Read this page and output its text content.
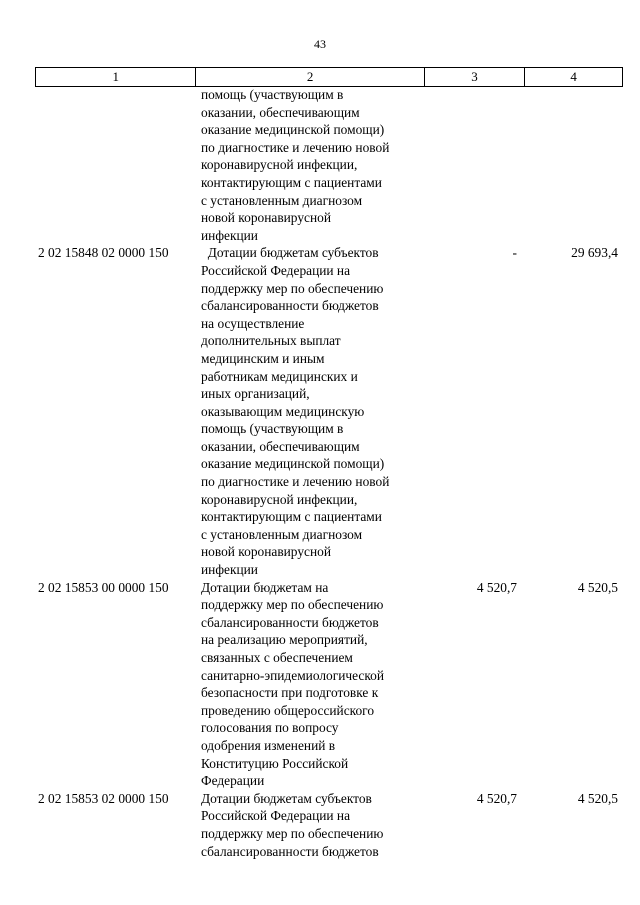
43
1	2	3	4
помощь (участвующим в
оказании, обеспечивающим
оказание медицинской помощи)
по диагностике и лечению новой
коронавирусной инфекции,
контактирующим с пациентами
с установленным диагнозом
новой коронавирусной
инфекции
2 02 15848 02 0000 150 Дотации бюджетам субъектов
Российской Федерации на
поддержку мер по обеспечению
сбалансированности бюджетов
на осуществление
дополнительных выплат
медицинским и иным
работникам медицинских и
иных организаций,
оказывающим медицинскую
помощь (участвующим в
оказании, обеспечивающим
оказание медицинской помощи)
по диагностике и лечению новой
коронавирусной инфекции,
контактирующим с пациентами
с установленным диагнозом
новой коронавирусной
инфекции
-	29 693,4
2 02 15853 00 0000 150 Дотации бюджетам на
поддержку мер по обеспечению
сбалансированности бюджетов
на реализацию мероприятий,
связанных с обеспечением
санитарно-эпидемиологической
безопасности при подготовке к
проведению общероссийского
голосования по вопросу
одобрения изменений в
Конституцию Российской
Федерации
4 520,7	4 520,5
2 02 15853 02 0000 150 Дотации бюджетам субъектов
Российской Федерации на
поддержку мер по обеспечению
сбалансированности бюджетов
4 520,7	4 520,5
